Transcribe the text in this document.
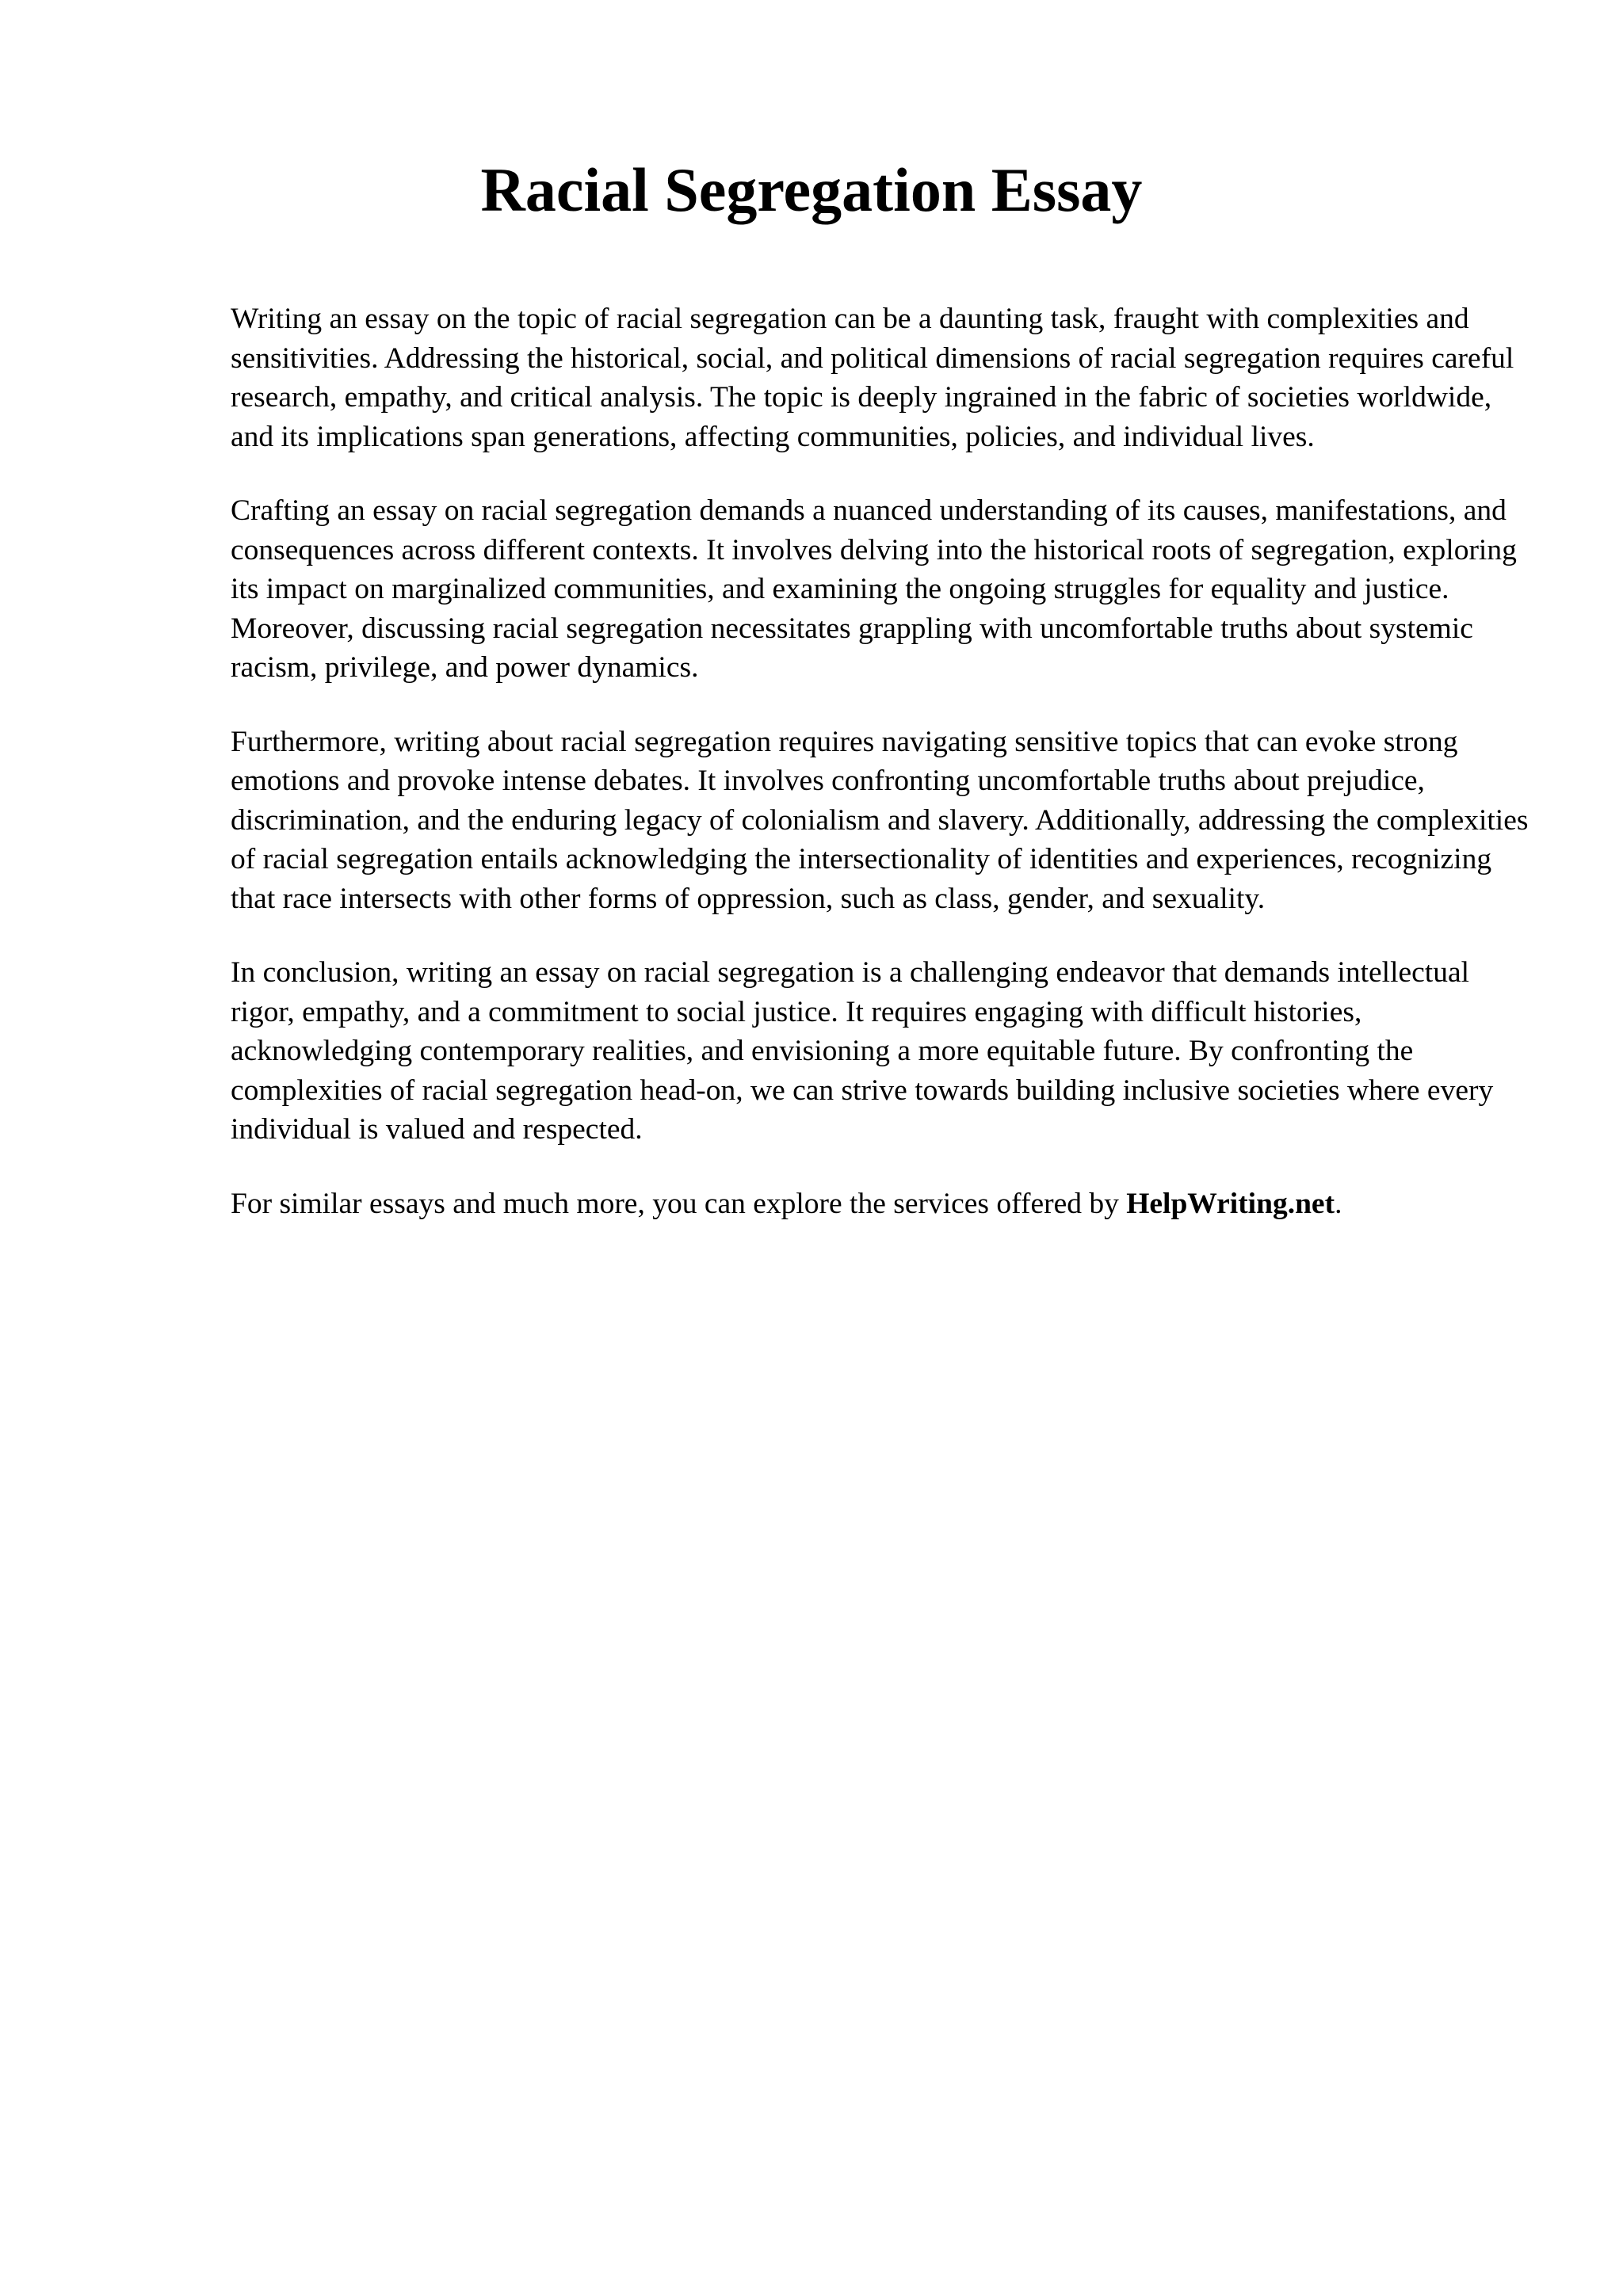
Racial Segregation Essay

Writing an essay on the topic of racial segregation can be a daunting task, fraught with complexities and sensitivities. Addressing the historical, social, and political dimensions of racial segregation requires careful research, empathy, and critical analysis. The topic is deeply ingrained in the fabric of societies worldwide, and its implications span generations, affecting communities, policies, and individual lives.

Crafting an essay on racial segregation demands a nuanced understanding of its causes, manifestations, and consequences across different contexts. It involves delving into the historical roots of segregation, exploring its impact on marginalized communities, and examining the ongoing struggles for equality and justice. Moreover, discussing racial segregation necessitates grappling with uncomfortable truths about systemic racism, privilege, and power dynamics.

Furthermore, writing about racial segregation requires navigating sensitive topics that can evoke strong emotions and provoke intense debates. It involves confronting uncomfortable truths about prejudice, discrimination, and the enduring legacy of colonialism and slavery. Additionally, addressing the complexities of racial segregation entails acknowledging the intersectionality of identities and experiences, recognizing that race intersects with other forms of oppression, such as class, gender, and sexuality.

In conclusion, writing an essay on racial segregation is a challenging endeavor that demands intellectual rigor, empathy, and a commitment to social justice. It requires engaging with difficult histories, acknowledging contemporary realities, and envisioning a more equitable future. By confronting the complexities of racial segregation head-on, we can strive towards building inclusive societies where every individual is valued and respected.

For similar essays and much more, you can explore the services offered by HelpWriting.net.
